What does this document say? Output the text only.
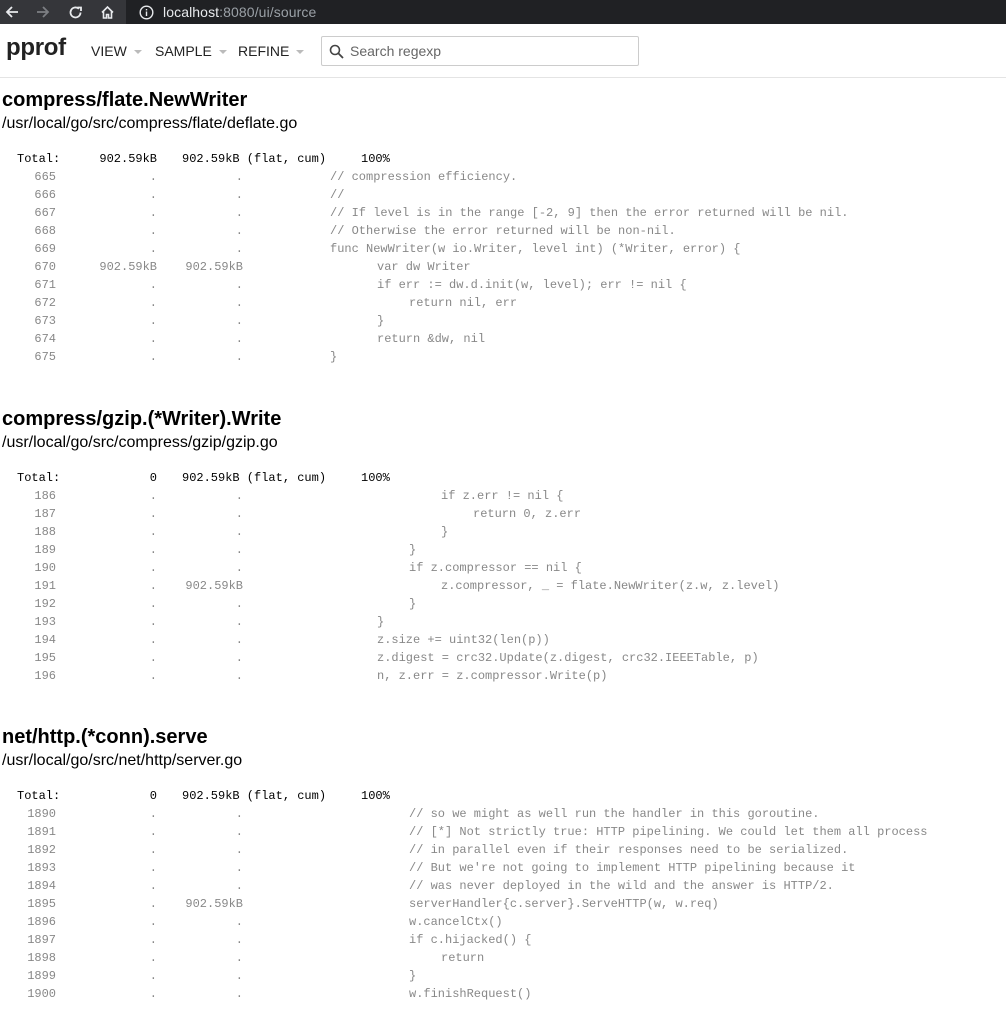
localhost:8080/ui/source
pprof VIEW SAMPLE REFINE
Search regexp
compress/flate.NewWriter
/usr/local/go/src/compress/flate/deflate.go
Total:	902.59kB 902.59kB (flat, cum)	100%
665	.	.	// compression efficiency.
666	.	.	//
667	.	.	// If level is in the range [-2, 9] then the error returned will be nil.
668	.	.	// Otherwise the error returned will be non-nil.
669	.	.	func NewWriter(w io.Writer, level int) (*Writer, error) {
670	902.59kB	902.59kB	var dw Writer
671	.	.	if err := dw.d.init(w, level); err != nil {
672	.	.	return nil, err
673	.	.	}
674	.	.	return &dw, nil
675	.	.	}
compress/gzip.(*Writer).Write
/usr/local/go/src/compress/gzip/gzip.go
Total:	0 902.59kB (flat, cum)	100%
186	.	.	if z.err != nil {
187	.	.	return 0, z.err
188	.	.	}
189	.	.	}
190	.	.	if z.compressor == nil {
191	.	902.59kB	z.compressor, _ = flate.NewWriter(z.w, z.level)
192	.	.	}
193	.	.	}
194	.	.	z.size += uint32(len(p))
195	.	.	z.digest = crc32.Update(z.digest, crc32.IEEETable, p)
196	.	.	n, z.err = z.compressor.Write(p)
net/http.(*conn).serve
/usr/local/go/src/net/http/server.go
Total:	0 902.59kB (flat, cum)	100%
1890	.	.	// so we might as well run the handler in this goroutine.
1891	.	.	// [*] Not strictly true: HTTP pipelining. We could let them all process
1892	.	.	// in parallel even if their responses need to be serialized.
1893	.	.	// But we're not going to implement HTTP pipelining because it
1894	.	.	// was never deployed in the wild and the answer is HTTP/2.
1895	.	902.59kB	serverHandler{c.server}.ServeHTTP(w, w.req)
1896	.	.	w.cancelCtx()
1897	.	.	if c.hijacked() {
1898	.	.	return
1899	.	.	}
1900	.	.	w.finishRequest()
